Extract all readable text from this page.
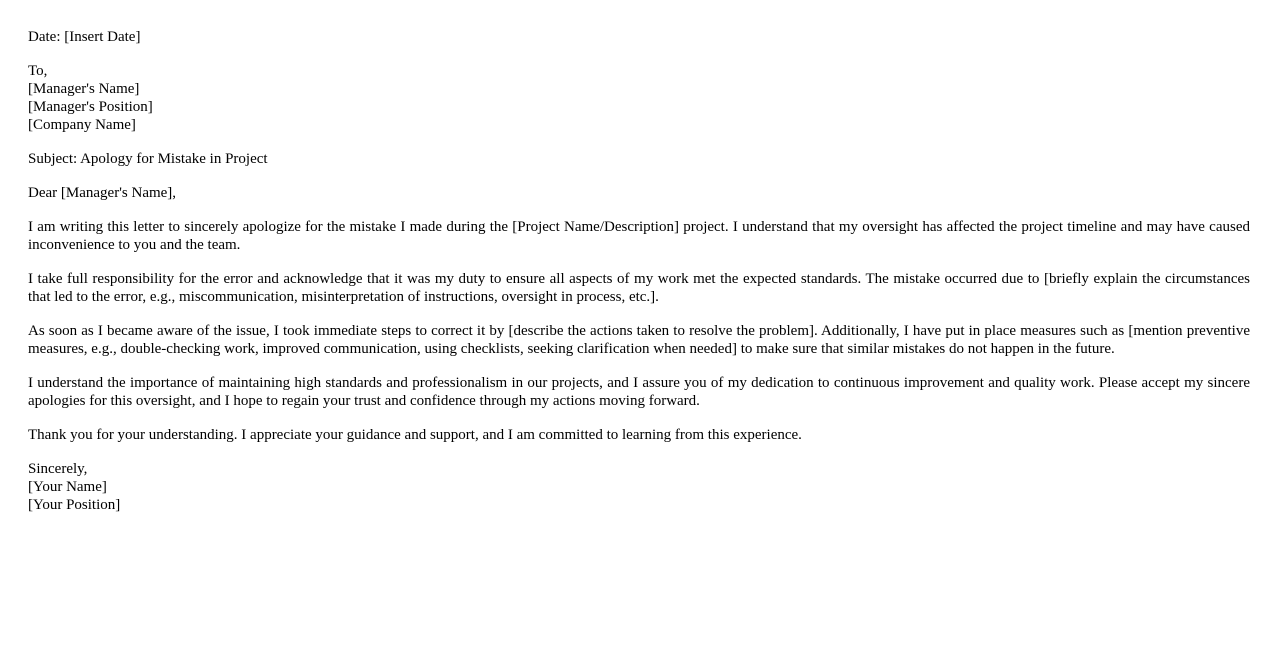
Date: [Insert Date]
To,
[Manager's Name]
[Manager's Position]
[Company Name]
Subject: Apology for Mistake in Project
Dear [Manager's Name],

I am writing this letter to sincerely apologize for the mistake I made during the [Project Name/Description] project. I understand that my oversight has affected the project timeline and may have caused inconvenience to you and the team.

I take full responsibility for the error and acknowledge that it was my duty to ensure all aspects of my work met the expected standards. The mistake occurred due to [briefly explain the circumstances that led to the error, e.g., miscommunication, misinterpretation of instructions, oversight in process, etc.].

As soon as I became aware of the issue, I took immediate steps to correct it by [describe the actions taken to resolve the problem]. Additionally, I have put in place measures such as [mention preventive measures, e.g., double-checking work, improved communication, using checklists, seeking clarification when needed] to make sure that similar mistakes do not happen in the future.

I understand the importance of maintaining high standards and professionalism in our projects, and I assure you of my dedication to continuous improvement and quality work. Please accept my sincere apologies for this oversight, and I hope to regain your trust and confidence through my actions moving forward.

Thank you for your understanding. I appreciate your guidance and support, and I am committed to learning from this experience.

Sincerely,
[Your Name]
[Your Position]
